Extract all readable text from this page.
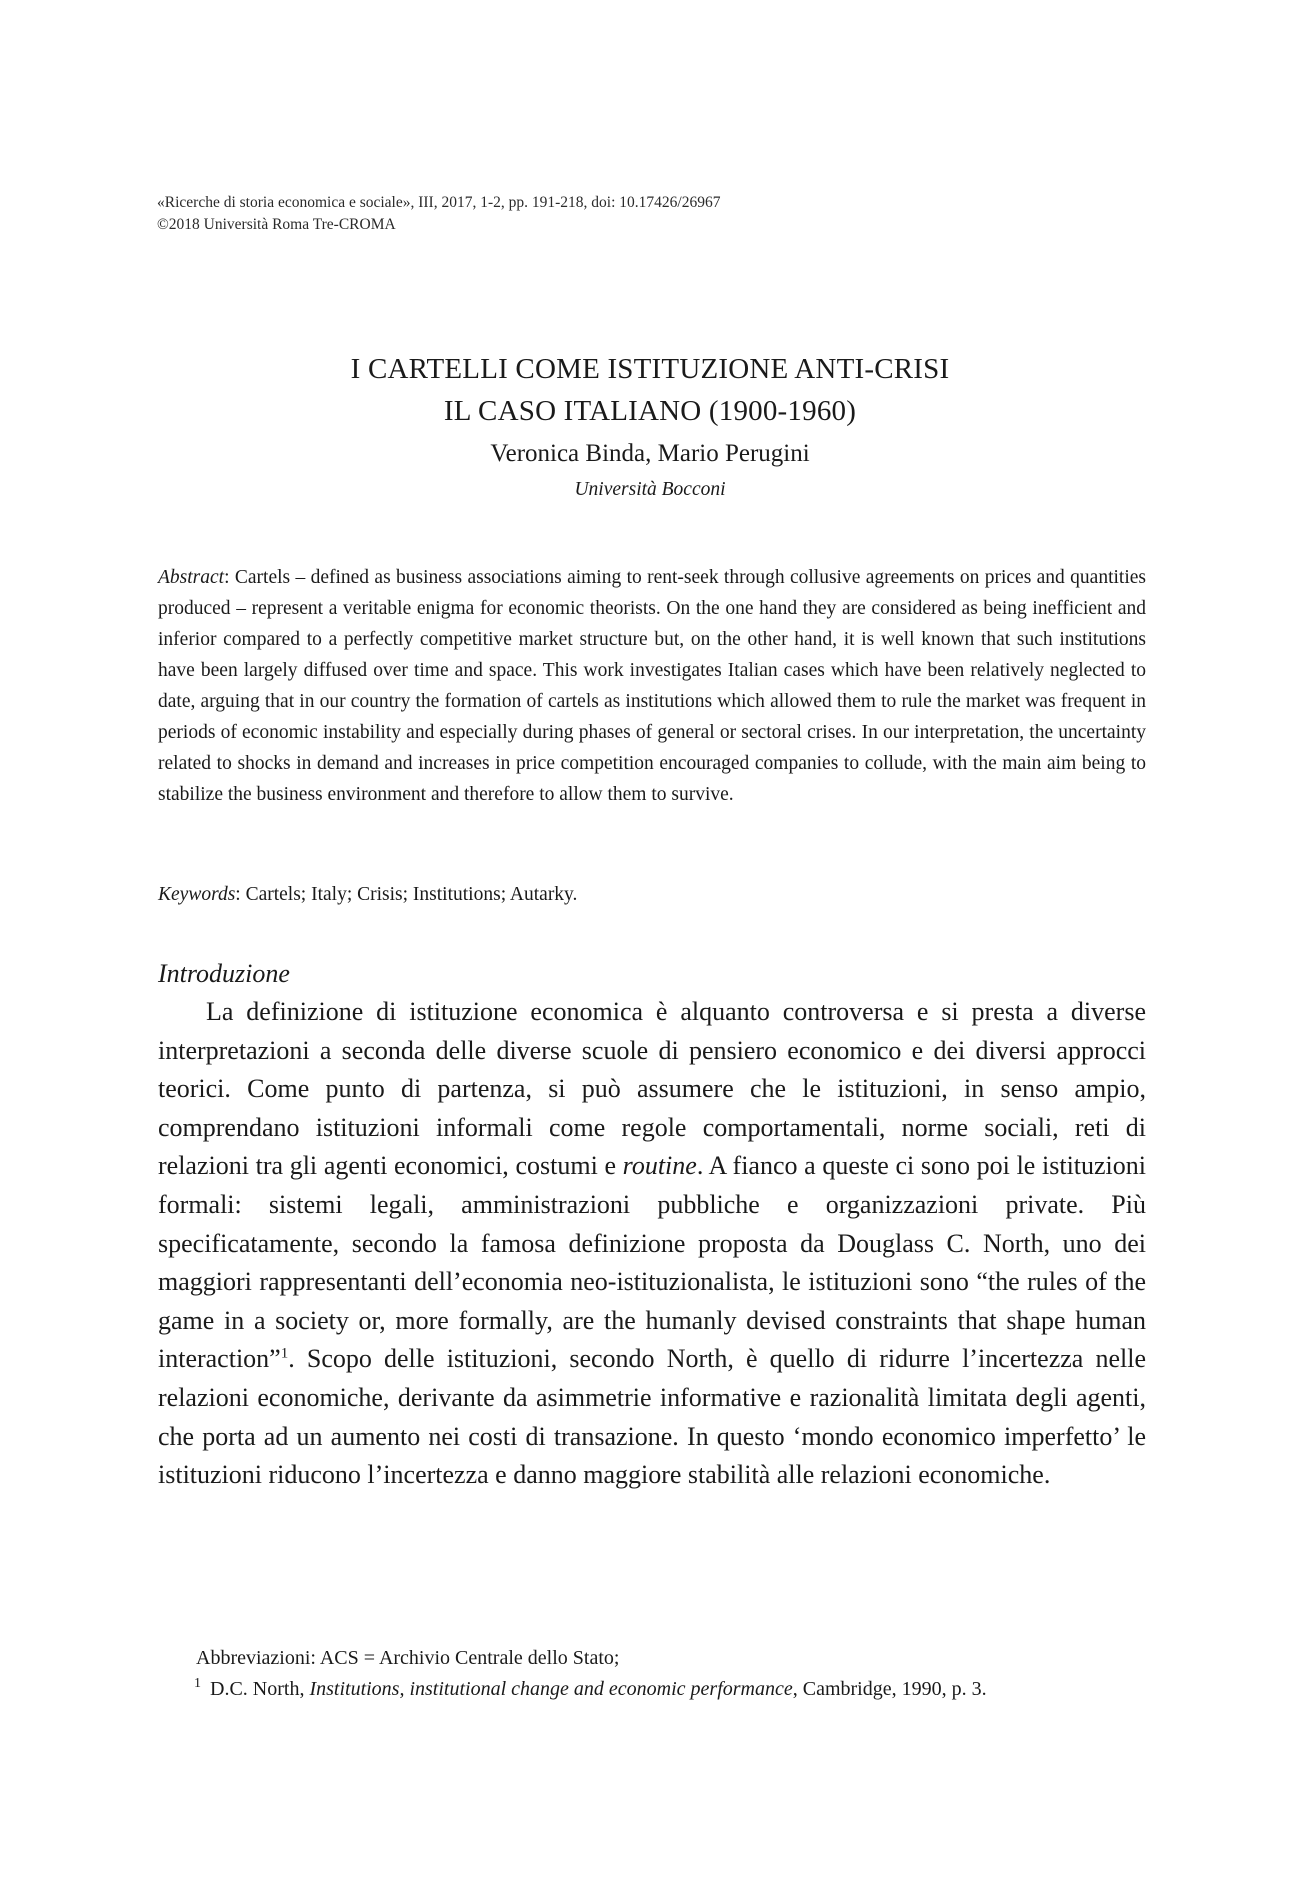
«Ricerche di storia economica e sociale», III, 2017, 1-2, pp. 191-218, doi: 10.17426/26967
©2018 Università Roma Tre-CROMA
I CARTELLI COME ISTITUZIONE ANTI-CRISI
IL CASO ITALIANO (1900-1960)
Veronica Binda, Mario Perugini
Università Bocconi

Abstract: Cartels – defined as business associations aiming to rent-seek through collusive agreements on prices and quantities produced – represent a veritable enigma for economic theorists. On the one hand they are considered as being inefficient and inferior compared to a perfectly competitive market structure but, on the other hand, it is well known that such institutions have been largely diffused over time and space. This work investigates Italian cases which have been relatively neglected to date, arguing that in our country the formation of cartels as institutions which allowed them to rule the market was frequent in periods of economic instability and especially during phases of general or sectoral crises. In our interpretation, the uncertainty related to shocks in demand and increases in price competition encouraged companies to collude, with the main aim being to stabilize the business environment and therefore to allow them to survive.

Keywords: Cartels; Italy; Crisis; Institutions; Autarky.
Introduzione

La definizione di istituzione economica è alquanto controversa e si presta a diverse interpretazioni a seconda delle diverse scuole di pensiero economico e dei diversi approcci teorici. Come punto di partenza, si può assumere che le istituzioni, in senso ampio, comprendano istituzioni informali come regole comportamentali, norme sociali, reti di relazioni tra gli agenti economici, costumi e routine. A fianco a queste ci sono poi le istituzioni formali: sistemi legali, amministrazioni pubbliche e organizzazioni private. Più specificatamente, secondo la famosa definizione proposta da Douglass C. North, uno dei maggiori rappresentanti dell’economia neo-istituzionalista, le istituzioni sono “the rules of the game in a society or, more formally, are the humanly devised constraints that shape human interaction”$^1$. Scopo delle istituzioni, secondo North, è quello di ridurre l’incertezza nelle relazioni economiche, derivante da asimmetrie informative e razionalità limitata degli agenti, che porta ad un aumento nei costi di transazione. In questo ‘mondo economico imperfetto’ le istituzioni riducono l’incertezza e danno maggiore stabilità alle relazioni economiche.

Abbreviazioni: ACS = Archivio Centrale dello Stato;
$^1$ D.C. North, Institutions, institutional change and economic performance, Cambridge, 1990, p. 3.
